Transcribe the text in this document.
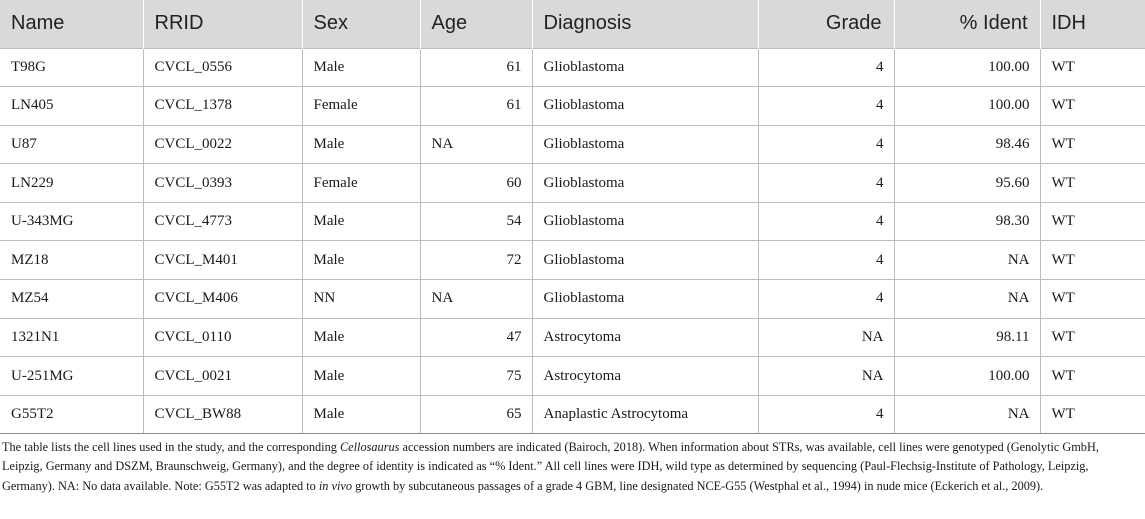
Name	RRID	Sex	Age	Diagnosis	Grade	% Ident	IDH
T98G	CVCL_0556	Male	61	Glioblastoma	4	100.00	WT
LN405	CVCL_1378	Female	61	Glioblastoma	4	100.00	WT
U87	CVCL_0022	Male	NA	Glioblastoma	4	98.46	WT
LN229	CVCL_0393	Female	60	Glioblastoma	4	95.60	WT
U-343MG	CVCL_4773	Male	54	Glioblastoma	4	98.30	WT
MZ18	CVCL_M401	Male	72	Glioblastoma	4	NA	WT
MZ54	CVCL_M406	NN	NA	Glioblastoma	4	NA	WT
1321N1	CVCL_0110	Male	47	Astrocytoma	NA	98.11	WT
U-251MG	CVCL_0021	Male	75	Astrocytoma	NA	100.00	WT
G55T2	CVCL_BW88	Male	65	Anaplastic Astrocytoma	4	NA	WT

The table lists the cell lines used in the study, and the corresponding Cellosaurus accession numbers are indicated (Bairoch, 2018). When information about STRs, was available, cell lines were genotyped (Genolytic GmbH, Leipzig, Germany and DSZM, Braunschweig, Germany), and the degree of identity is indicated as “% Ident.” All cell lines were IDH, wild type as determined by sequencing (Paul-Flechsig-Institute of Pathology, Leipzig, Germany). NA: No data available. Note: G55T2 was adapted to in vivo growth by subcutaneous passages of a grade 4 GBM, line designated NCE-G55 (Westphal et al., 1994) in nude mice (Eckerich et al., 2009).
